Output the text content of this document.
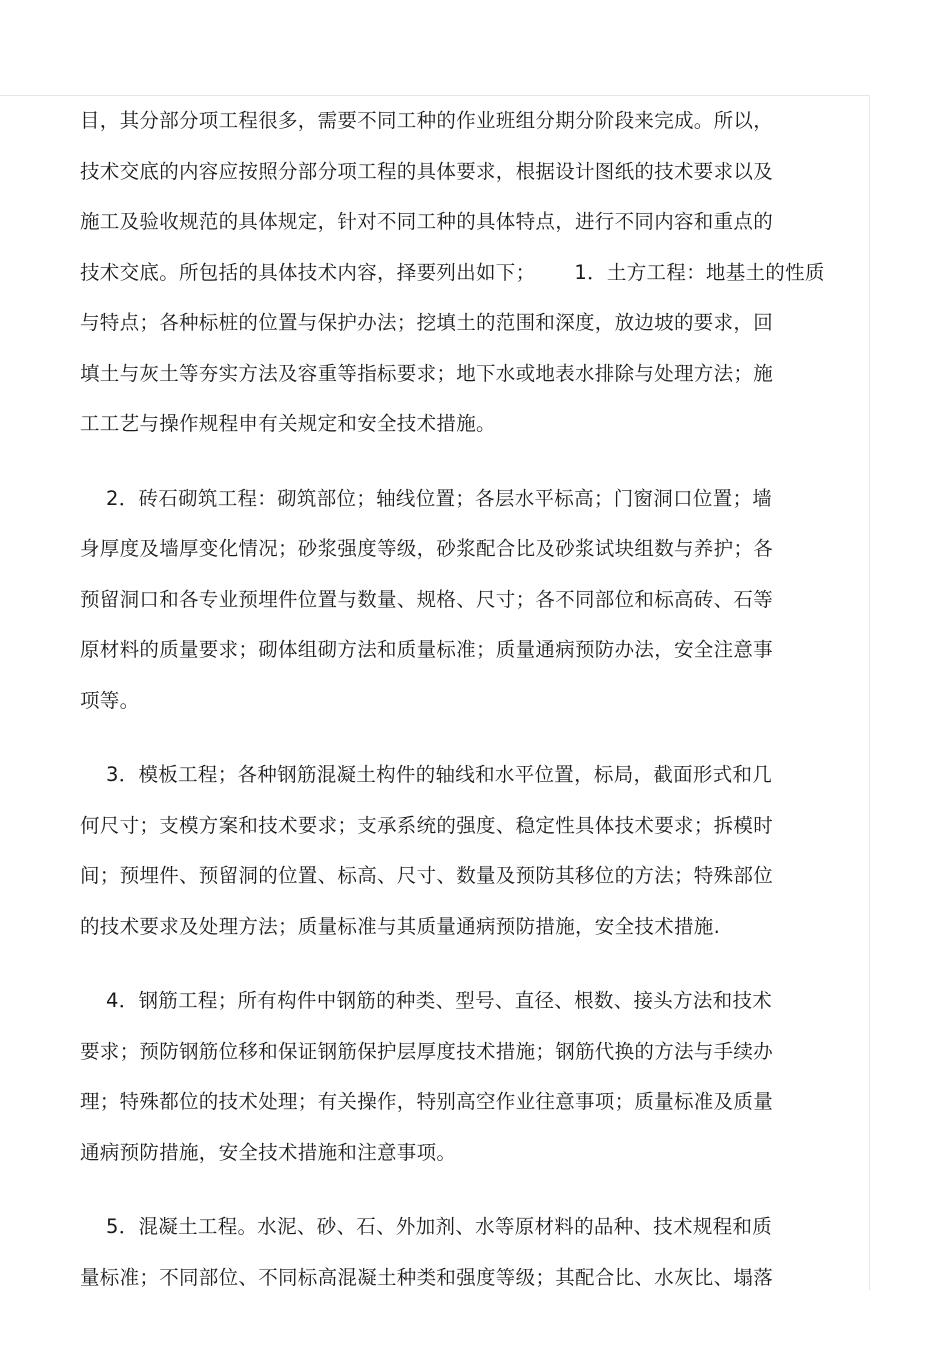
目，其分部分项工程很多，需要不同工种的作业班组分期分阶段来完成。所以，
技术交底的内容应按照分部分项工程的具体要求，根据设计图纸的技术要求以及
施工及验收规范的具体规定，针对不同工种的具体特点，进行不同内容和重点的
技术交底。所包括的具体技术内容，择要列出如下；      1．土方工程：地基土的性质
与特点；各种标桩的位置与保护办法；挖填土的范围和深度，放边坡的要求，回
填土与灰土等夯实方法及容重等指标要求；地下水或地表水排除与处理方法；施
工工艺与操作规程申有关规定和安全技术措施。
2．砖石砌筑工程：砌筑部位；轴线位置；各层水平标高；门窗洞口位置；墙
身厚度及墙厚变化情况；砂浆强度等级，砂浆配合比及砂浆试块组数与养护；各
预留洞口和各专业预埋件位置与数量、规格、尺寸；各不同部位和标高砖、石等
原材料的质量要求；砌体组砌方法和质量标准；质量通病预防办法，安全注意事
项等。
3．模板工程；各种钢筋混凝土构件的轴线和水平位置，标局，截面形式和几
何尺寸；支模方案和技术要求；支承系统的强度、稳定性具体技术要求；拆模时
间；预埋件、预留洞的位置、标高、尺寸、数量及预防其移位的方法；特殊部位
的技术要求及处理方法；质量标准与其质量通病预防措施，安全技术措施.
4．钢筋工程；所有构件中钢筋的种类、型号、直径、根数、接头方法和技术
要求；预防钢筋位移和保证钢筋保护层厚度技术措施；钢筋代换的方法与手续办
理；特殊都位的技术处理；有关操作，特别高空作业往意事项；质量标准及质量
通病预防措施，安全技术措施和注意事项。
5．混凝土工程。水泥、砂、石、外加剂、水等原材料的品种、技术规程和质
量标准；不同部位、不同标高混凝土种类和强度等级；其配合比、水灰比、塌落
